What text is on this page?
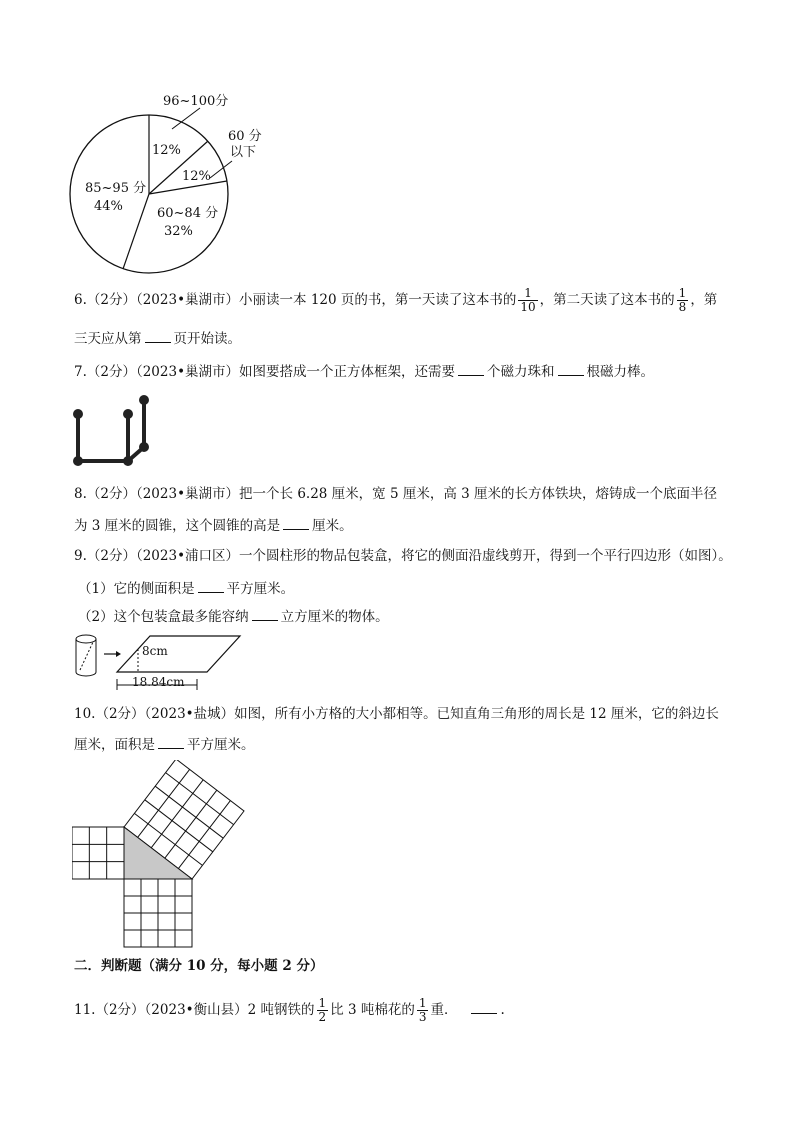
96~100分
60 分
以下
12%
12%
85~95 分
44%	60~84 分
32%
6.（2分）（2023•巢湖市）小丽读一本 120 页的书，第一天读了这本书的 $\frac{1}{10}$ ，第二天读了这本书的 $\frac{1}{8}$ ，第
三天应从第 页开始读。
7.（2分）（2023•巢湖市）如图要搭成一个正方体框架，还需要 个磁力珠和 根磁力棒。
8.（2分）（2023•巢湖市）把一个长 6.28 厘米，宽 5 厘米，高 3 厘米的长方体铁块，熔铸成一个底面半径
为 3 厘米的圆锥，这个圆锥的高是 厘米。
9.（2分）（2023•浦口区）一个圆柱形的物品包装盒，将它的侧面沿虚线剪开，得到一个平行四边形（如图）。
（1）它的侧面积是 平方厘米。
（2）这个包装盒最多能容纳 立方厘米的物体。
8cm
18.84cm
10.（2分）（2023•盐城）如图，所有小方格的大小都相等。已知直角三角形的周长是 12 厘米，它的斜边长
厘米，面积是 平方厘米。
二．判断题（满分 10 分，每小题 2 分）
11.（2分）（2023•衡山县）2 吨钢铁的 $\frac{1}{2}$ 比 3 吨棉花的 $\frac{1}{3}$ 重．	.
